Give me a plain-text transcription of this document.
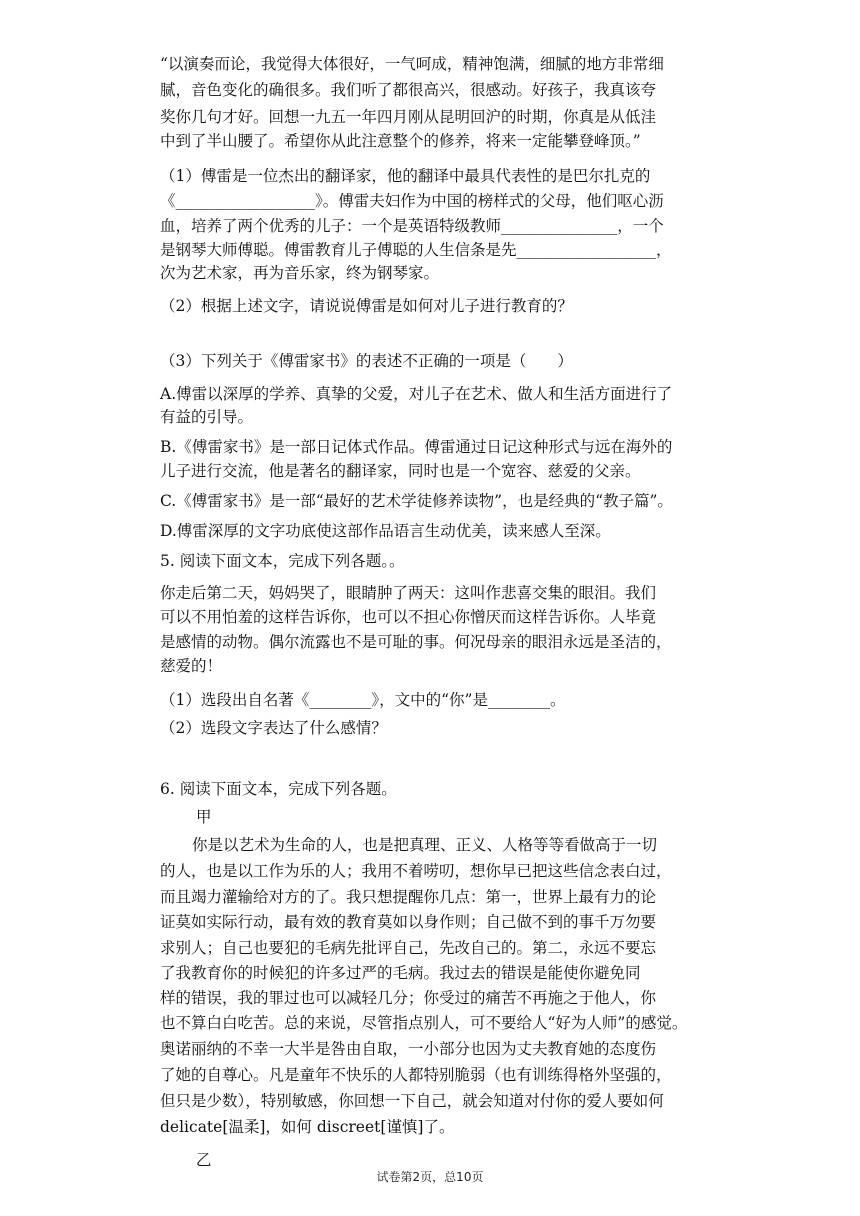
“以演奏而论，我觉得大体很好，一气呵成，精神饱满，细腻的地方非常细
腻，音色变化的确很多。我们听了都很高兴，很感动。好孩子，我真该夸
奖你几句才好。回想一九五一年四月刚从昆明回沪的时期，你真是从低洼
中到了半山腰了。希望你从此注意整个的修养，将来一定能攀登峰顶。”
（1）傅雷是一位杰出的翻译家，他的翻译中最具代表性的是巴尔扎克的
《__________________》。傅雷夫妇作为中国的榜样式的父母，他们呕心沥
血，培养了两个优秀的儿子：一个是英语特级教师_______________，一个
是钢琴大师傅聪。傅雷教育儿子傅聪的人生信条是先__________________，
次为艺术家，再为音乐家，终为钢琴家。
（2）根据上述文字，请说说傅雷是如何对儿子进行教育的？
（3）下列关于《傅雷家书》的表述不正确的一项是（　　）
A.傅雷以深厚的学养、真挚的父爱，对儿子在艺术、做人和生活方面进行了
有益的引导。
B.《傅雷家书》是一部日记体式作品。傅雷通过日记这种形式与远在海外的
儿子进行交流，他是著名的翻译家，同时也是一个宽容、慈爱的父亲。
C.《傅雷家书》是一部“最好的艺术学徒修养读物”，也是经典的“教子篇”。
D.傅雷深厚的文字功底使这部作品语言生动优美，读来感人至深。
5. 阅读下面文本，完成下列各题。。
你走后第二天，妈妈哭了，眼睛肿了两天：这叫作悲喜交集的眼泪。我们
可以不用怕羞的这样告诉你，也可以不担心你憎厌而这样告诉你。人毕竟
是感情的动物。偶尔流露也不是可耻的事。何况母亲的眼泪永远是圣洁的，
慈爱的！
（1）选段出自名著《________》，文中的“你”是________。
（2）选段文字表达了什么感情？
6. 阅读下面文本，完成下列各题。
甲
你是以艺术为生命的人，也是把真理、正义、人格等等看做高于一切
的人，也是以工作为乐的人；我用不着唠叨，想你早已把这些信念表白过，
而且竭力灌输给对方的了。我只想提醒你几点：第一，世界上最有力的论
证莫如实际行动，最有效的教育莫如以身作则；自己做不到的事千万勿要
求别人；自己也要犯的毛病先批评自己，先改自己的。第二，永远不要忘
了我教育你的时候犯的许多过严的毛病。我过去的错误是能使你避免同
样的错误，我的罪过也可以减轻几分；你受过的痛苦不再施之于他人，你
也不算白白吃苦。总的来说，尽管指点别人，可不要给人“好为人师”的感觉。
奥诺丽纳的不幸一大半是咎由自取，一小部分也因为丈夫教育她的态度伤
了她的自尊心。凡是童年不快乐的人都特别脆弱（也有训练得格外坚强的，
但只是少数），特别敏感，你回想一下自己，就会知道对付你的爱人要如何
delicate[温柔]，如何 discreet[谨慎]了。
乙
试卷第2页，总10页
